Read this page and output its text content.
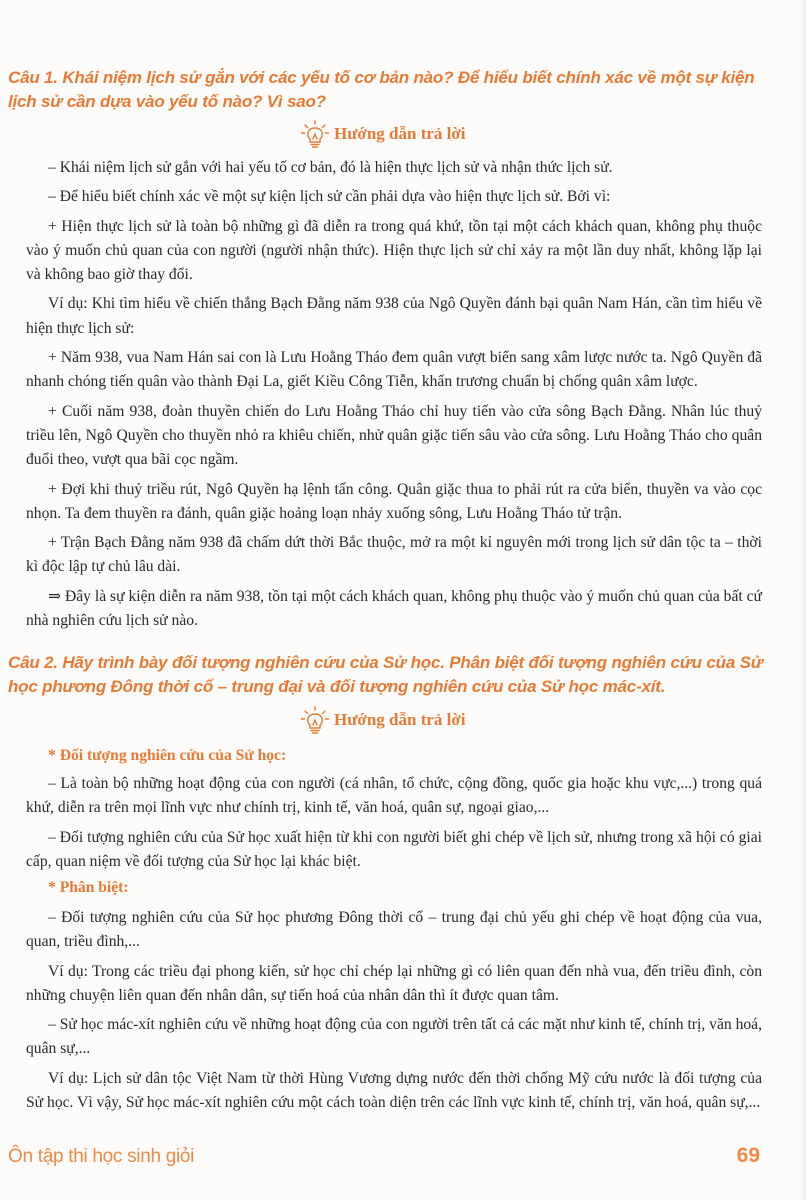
Câu 1. Khái niệm lịch sử gắn với các yếu tố cơ bản nào? Để hiểu biết chính xác về một sự kiện lịch sử cần dựa vào yếu tố nào? Vì sao?
Hướng dẫn trả lời

– Khái niệm lịch sử gắn với hai yếu tố cơ bản, đó là hiện thực lịch sử và nhận thức lịch sử.

– Để hiểu biết chính xác về một sự kiện lịch sử cần phải dựa vào hiện thực lịch sử. Bởi vì:

+ Hiện thực lịch sử là toàn bộ những gì đã diễn ra trong quá khứ, tồn tại một cách khách quan, không phụ thuộc vào ý muốn chủ quan của con người (người nhận thức). Hiện thực lịch sử chỉ xảy ra một lần duy nhất, không lặp lại và không bao giờ thay đổi.

Ví dụ: Khi tìm hiểu về chiến thắng Bạch Đằng năm 938 của Ngô Quyền đánh bại quân Nam Hán, cần tìm hiểu về hiện thực lịch sử:

+ Năm 938, vua Nam Hán sai con là Lưu Hoằng Tháo đem quân vượt biển sang xâm lược nước ta. Ngô Quyền đã nhanh chóng tiến quân vào thành Đại La, giết Kiều Công Tiễn, khẩn trương chuẩn bị chống quân xâm lược.

+ Cuối năm 938, đoàn thuyền chiến do Lưu Hoằng Tháo chỉ huy tiến vào cửa sông Bạch Đằng. Nhân lúc thuỷ triều lên, Ngô Quyền cho thuyền nhỏ ra khiêu chiến, nhử quân giặc tiến sâu vào cửa sông. Lưu Hoằng Tháo cho quân đuổi theo, vượt qua bãi cọc ngầm.

+ Đợi khi thuỷ triều rút, Ngô Quyền hạ lệnh tấn công. Quân giặc thua to phải rút ra cửa biển, thuyền va vào cọc nhọn. Ta đem thuyền ra đánh, quân giặc hoảng loạn nhảy xuống sông, Lưu Hoằng Tháo tử trận.

+ Trận Bạch Đằng năm 938 đã chấm dứt thời Bắc thuộc, mở ra một kỉ nguyên mới trong lịch sử dân tộc ta – thời kì độc lập tự chủ lâu dài.

⇒ Đây là sự kiện diễn ra năm 938, tồn tại một cách khách quan, không phụ thuộc vào ý muốn chủ quan của bất cứ nhà nghiên cứu lịch sử nào.

Câu 2. Hãy trình bày đối tượng nghiên cứu của Sử học. Phân biệt đối tượng nghiên cứu của Sử học phương Đông thời cổ – trung đại và đối tượng nghiên cứu của Sử học mác-xít.
Hướng dẫn trả lời
* Đối tượng nghiên cứu của Sử học:

– Là toàn bộ những hoạt động của con người (cá nhân, tổ chức, cộng đồng, quốc gia hoặc khu vực,...) trong quá khứ, diễn ra trên mọi lĩnh vực như chính trị, kinh tế, văn hoá, quân sự, ngoại giao,...

– Đối tượng nghiên cứu của Sử học xuất hiện từ khi con người biết ghi chép về lịch sử, nhưng trong xã hội có giai cấp, quan niệm về đối tượng của Sử học lại khác biệt.

* Phân biệt:

– Đối tượng nghiên cứu của Sử học phương Đông thời cổ – trung đại chủ yếu ghi chép về hoạt động của vua, quan, triều đình,...

Ví dụ: Trong các triều đại phong kiến, sử học chỉ chép lại những gì có liên quan đến nhà vua, đến triều đình, còn những chuyện liên quan đến nhân dân, sự tiến hoá của nhân dân thì ít được quan tâm.

– Sử học mác-xít nghiên cứu về những hoạt động của con người trên tất cả các mặt như kinh tế, chính trị, văn hoá, quân sự,...

Ví dụ: Lịch sử dân tộc Việt Nam từ thời Hùng Vương dựng nước đến thời chống Mỹ cứu nước là đối tượng của Sử học. Vì vậy, Sử học mác-xít nghiên cứu một cách toàn diện trên các lĩnh vực kinh tế, chính trị, văn hoá, quân sự,...

Ôn tập thi học sinh giỏi	69
